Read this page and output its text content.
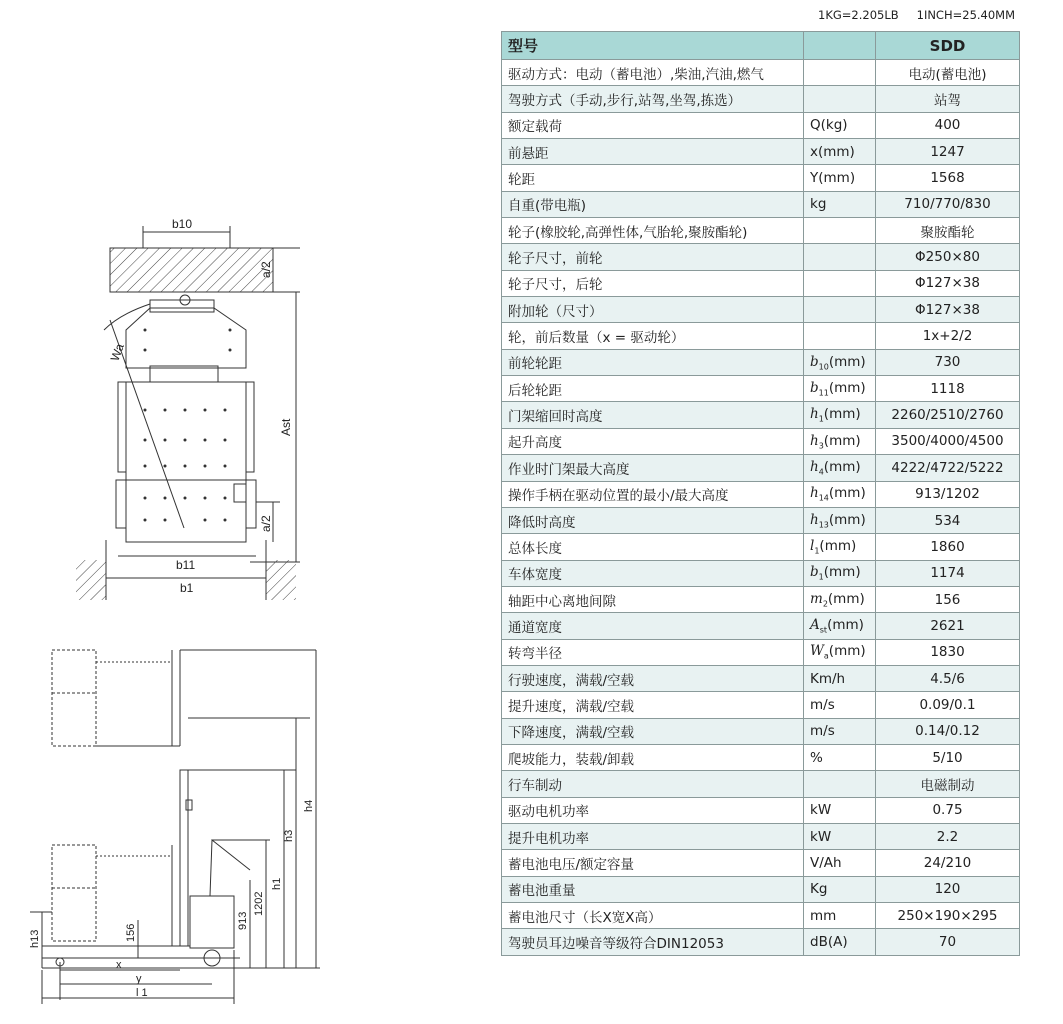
b10
a/2
Wa
Ast
a/2
b11
b1
h4
h3
h1
1202
913
h13	156
x
y
l 1
1KG=2.205LB 1INCH=25.40MM
型号		SDD
驱动方式：电动（蓄电池）,柴油,汽油,燃气		电动(蓄电池)
驾驶方式（手动,步行,站驾,坐驾,拣选）		站驾
额定载荷	Q(kg)	400
前悬距	x(mm)	1247
轮距	Y(mm)	1568
自重(带电瓶)	kg	710/770/830
轮子(橡胶轮,高弹性体,气胎轮,聚胺酯轮)		聚胺酯轮
轮子尺寸，前轮		Φ250×80
轮子尺寸，后轮		Φ127×38
附加轮（尺寸）		Φ127×38
轮，前后数量（x = 驱动轮）		1x+2/2
前轮轮距	$b_{10}(mm)$	730
后轮轮距	$b_{11}(mm)$	1118
门架缩回时高度	$h_1(mm)$	2260/2510/2760
起升高度	$h_3(mm)$	3500/4000/4500
作业时门架最大高度	$h_4(mm)$	4222/4722/5222
操作手柄在驱动位置的最小/最大高度	$h_{14}(mm)$	913/1202
降低时高度	$h_{13}(mm)$	534
总体长度	$l_1(mm)$	1860
车体宽度	$b_1(mm)$	1174
轴距中心离地间隙	$m_2(mm)$	156
通道宽度	$A_{st}(mm)$	2621
转弯半径	$W_a(mm)$	1830
行驶速度，满载/空载	Km/h	4.5/6
提升速度，满载/空载	m/s	0.09/0.1
下降速度，满载/空载	m/s	0.14/0.12
爬坡能力，装载/卸载	%	5/10
行车制动		电磁制动
驱动电机功率	kW	0.75
提升电机功率	kW	2.2
蓄电池电压/额定容量	V/Ah	24/210
蓄电池重量	Kg	120
蓄电池尺寸（长X宽X高）	mm	250×190×295
驾驶员耳边噪音等级符合DIN12053	dB(A)	70
